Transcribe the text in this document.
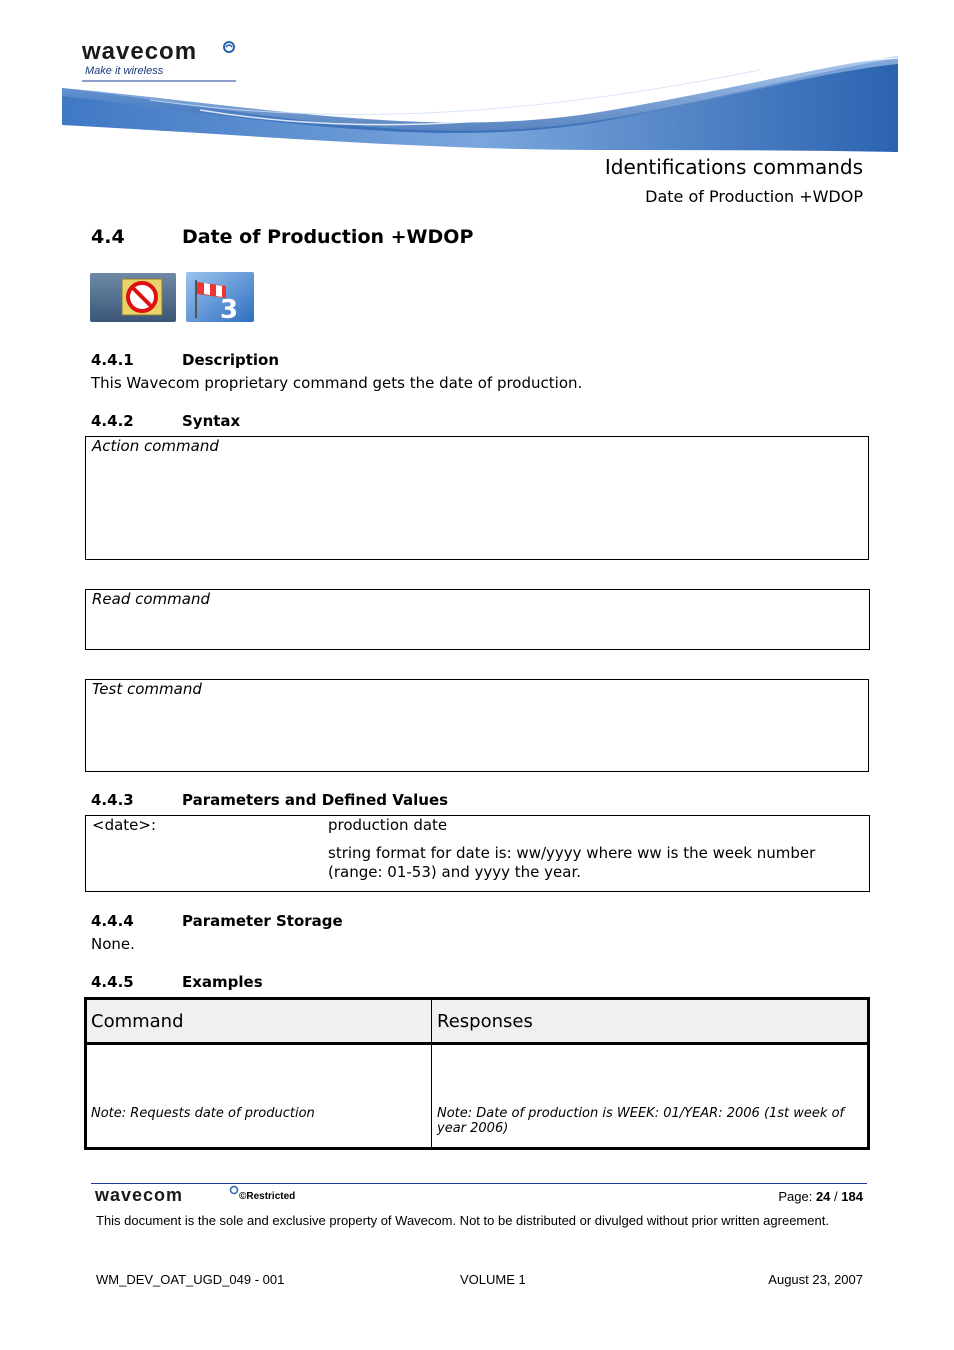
wavecom
Make it wireless
Identifications commands
Date of Production +WDOP
4.4	Date of Production +WDOP
3
4.4.1	Description
This Wavecom proprietary command gets the date of production.
4.4.2	Syntax
Action command
Read command
Test command
4.4.3	Parameters and Defined Values
<date>:	production date
string format for date is: ww/yyyy where ww is the week number (range: 01-53) and yyyy the year.
4.4.4	Parameter Storage
None.
4.4.5	Examples
Command	Responses
Note: Requests date of production	Note: Date of production is WEEK: 01/YEAR: 2006 (1st week of year 2006)
wavecom	©Restricted	Page: 24 / 184
This document is the sole and exclusive property of Wavecom. Not to be distributed or divulged without prior written agreement.
WM_DEV_OAT_UGD_049 - 001	VOLUME 1	August 23, 2007
